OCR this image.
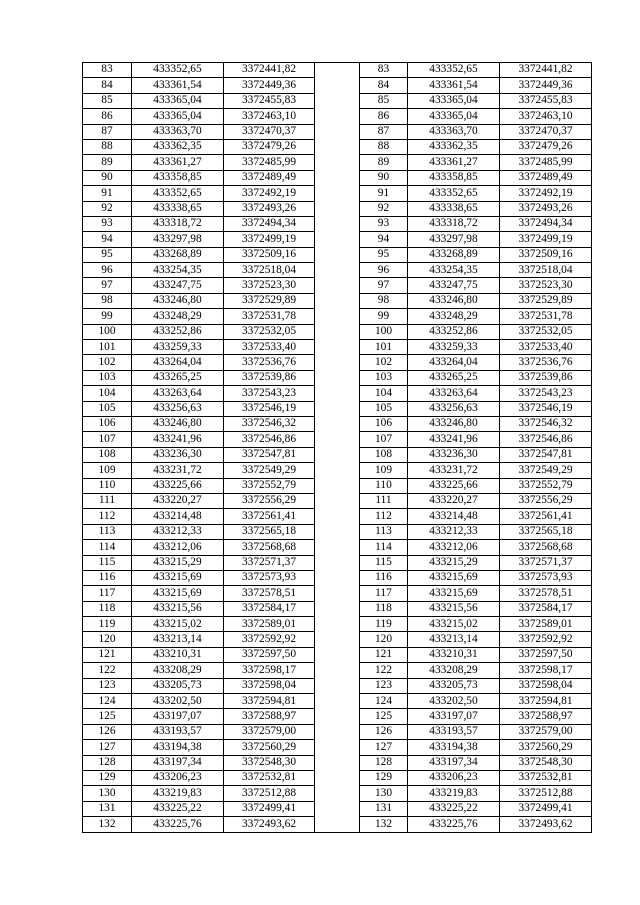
83	433352,65	3372441,82		83	433352,65	3372441,82
84	433361,54	3372449,36		84	433361,54	3372449,36
85	433365,04	3372455,83		85	433365,04	3372455,83
86	433365,04	3372463,10		86	433365,04	3372463,10
87	433363,70	3372470,37		87	433363,70	3372470,37
88	433362,35	3372479,26		88	433362,35	3372479,26
89	433361,27	3372485,99		89	433361,27	3372485,99
90	433358,85	3372489,49		90	433358,85	3372489,49
91	433352,65	3372492,19		91	433352,65	3372492,19
92	433338,65	3372493,26		92	433338,65	3372493,26
93	433318,72	3372494,34		93	433318,72	3372494,34
94	433297,98	3372499,19		94	433297,98	3372499,19
95	433268,89	3372509,16		95	433268,89	3372509,16
96	433254,35	3372518,04		96	433254,35	3372518,04
97	433247,75	3372523,30		97	433247,75	3372523,30
98	433246,80	3372529,89		98	433246,80	3372529,89
99	433248,29	3372531,78		99	433248,29	3372531,78
100	433252,86	3372532,05		100	433252,86	3372532,05
101	433259,33	3372533,40		101	433259,33	3372533,40
102	433264,04	3372536,76		102	433264,04	3372536,76
103	433265,25	3372539,86		103	433265,25	3372539,86
104	433263,64	3372543,23		104	433263,64	3372543,23
105	433256,63	3372546,19		105	433256,63	3372546,19
106	433246,80	3372546,32		106	433246,80	3372546,32
107	433241,96	3372546,86		107	433241,96	3372546,86
108	433236,30	3372547,81		108	433236,30	3372547,81
109	433231,72	3372549,29		109	433231,72	3372549,29
110	433225,66	3372552,79		110	433225,66	3372552,79
111	433220,27	3372556,29		111	433220,27	3372556,29
112	433214,48	3372561,41		112	433214,48	3372561,41
113	433212,33	3372565,18		113	433212,33	3372565,18
114	433212,06	3372568,68		114	433212,06	3372568,68
115	433215,29	3372571,37		115	433215,29	3372571,37
116	433215,69	3372573,93		116	433215,69	3372573,93
117	433215,69	3372578,51		117	433215,69	3372578,51
118	433215,56	3372584,17		118	433215,56	3372584,17
119	433215,02	3372589,01		119	433215,02	3372589,01
120	433213,14	3372592,92		120	433213,14	3372592,92
121	433210,31	3372597,50		121	433210,31	3372597,50
122	433208,29	3372598,17		122	433208,29	3372598,17
123	433205,73	3372598,04		123	433205,73	3372598,04
124	433202,50	3372594,81		124	433202,50	3372594,81
125	433197,07	3372588,97		125	433197,07	3372588,97
126	433193,57	3372579,00		126	433193,57	3372579,00
127	433194,38	3372560,29		127	433194,38	3372560,29
128	433197,34	3372548,30		128	433197,34	3372548,30
129	433206,23	3372532,81		129	433206,23	3372532,81
130	433219,83	3372512,88		130	433219,83	3372512,88
131	433225,22	3372499,41		131	433225,22	3372499,41
132	433225,76	3372493,62		132	433225,76	3372493,62
